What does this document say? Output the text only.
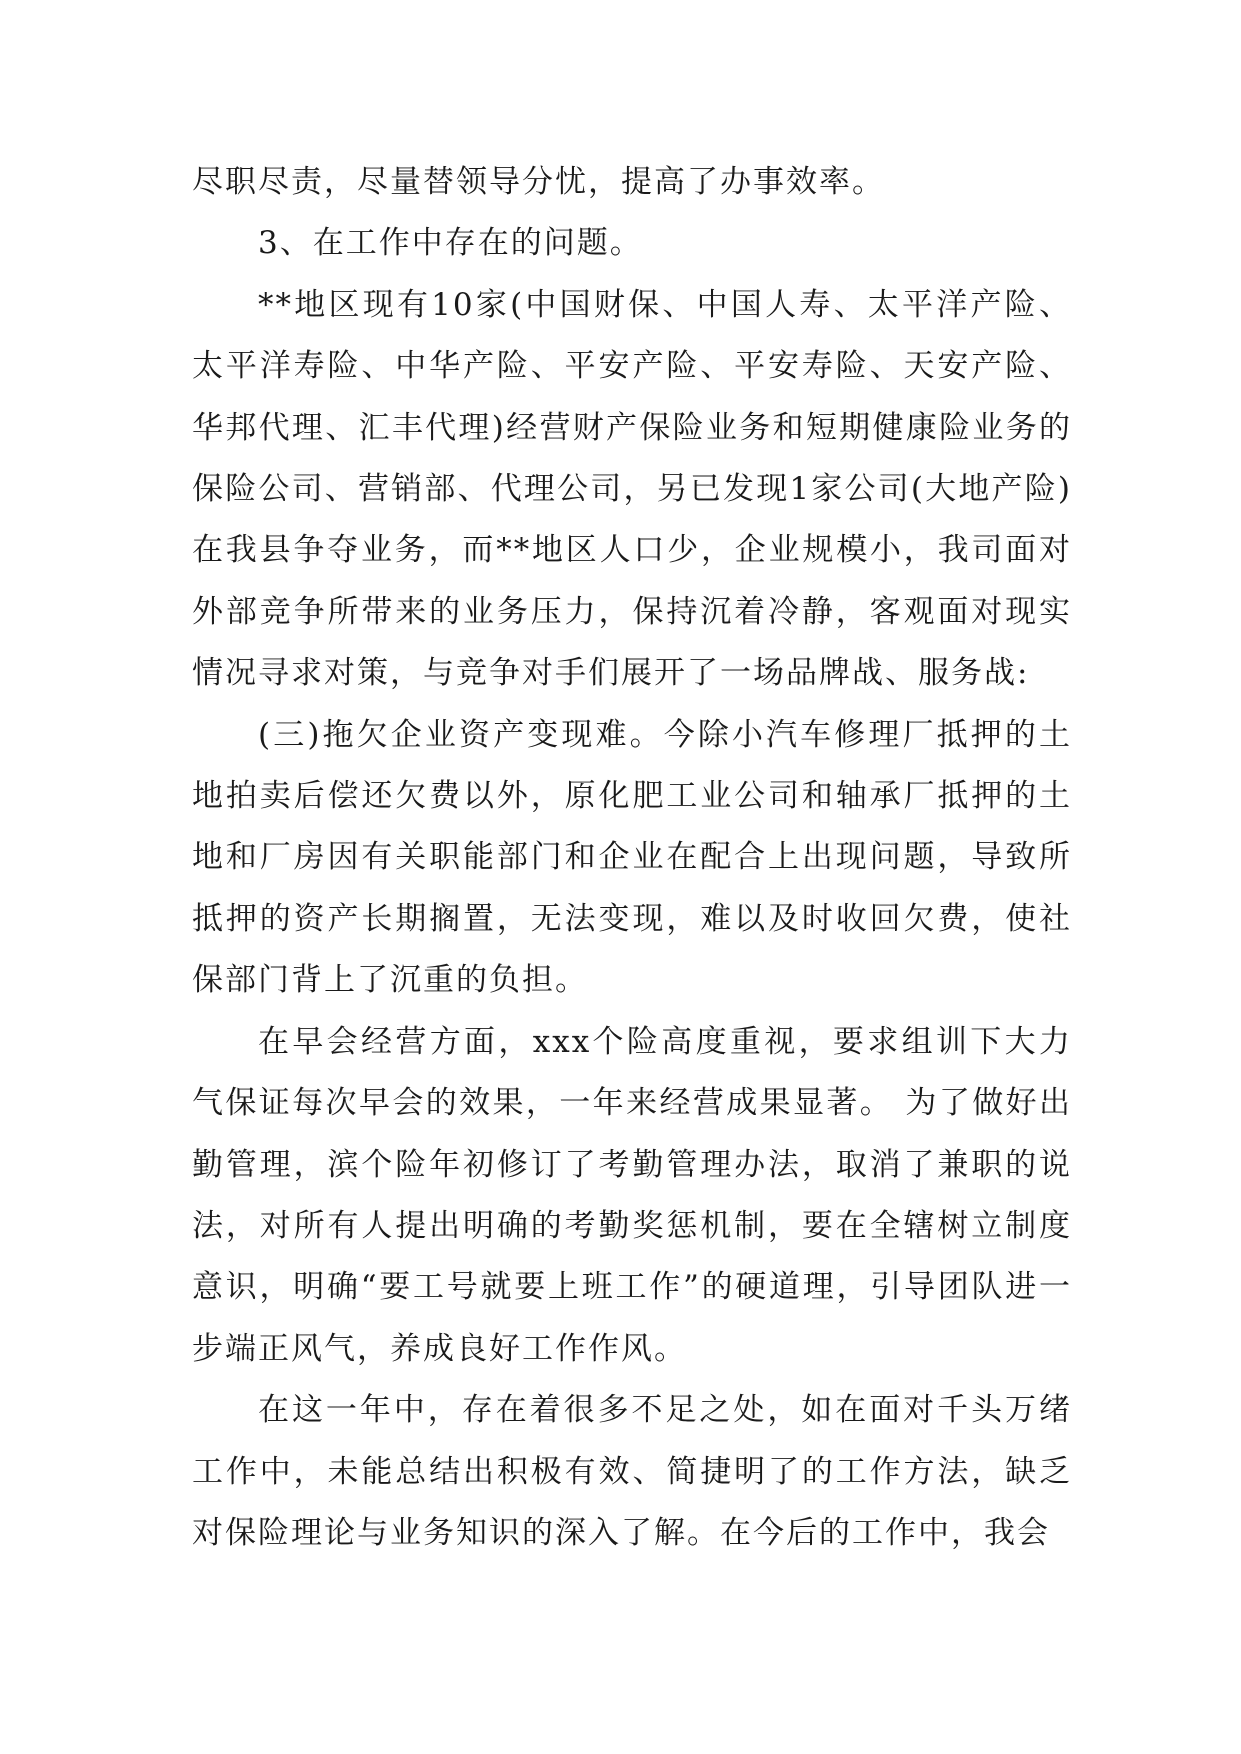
尽职尽责，尽量替领导分忧，提高了办事效率。

3、在工作中存在的问题。

**地区现有10家(中国财保、中国人寿、太平洋产险、太平洋寿险、中华产险、平安产险、平安寿险、天安产险、华邦代理、汇丰代理)经营财产保险业务和短期健康险业务的保险公司、营销部、代理公司，另已发现1家公司(大地产险)在我县争夺业务，而**地区人口少，企业规模小，我司面对外部竞争所带来的业务压力，保持沉着冷静，客观面对现实情况寻求对策，与竞争对手们展开了一场品牌战、服务战:

(三)拖欠企业资产变现难。今除小汽车修理厂抵押的土地拍卖后偿还欠费以外，原化肥工业公司和轴承厂抵押的土地和厂房因有关职能部门和企业在配合上出现问题，导致所抵押的资产长期搁置，无法变现，难以及时收回欠费，使社保部门背上了沉重的负担。

在早会经营方面，xxx个险高度重视，要求组训下大力气保证每次早会的效果，一年来经营成果显著。 为了做好出勤管理，滨个险年初修订了考勤管理办法，取消了兼职的说法，对所有人提出明确的考勤奖惩机制，要在全辖树立制度意识，明确“要工号就要上班工作”的硬道理，引导团队进一步端正风气，养成良好工作作风。

在这一年中，存在着很多不足之处，如在面对千头万绪工作中，未能总结出积极有效、简捷明了的工作方法，缺乏对保险理论与业务知识的深入了解。在今后的工作中，我会
